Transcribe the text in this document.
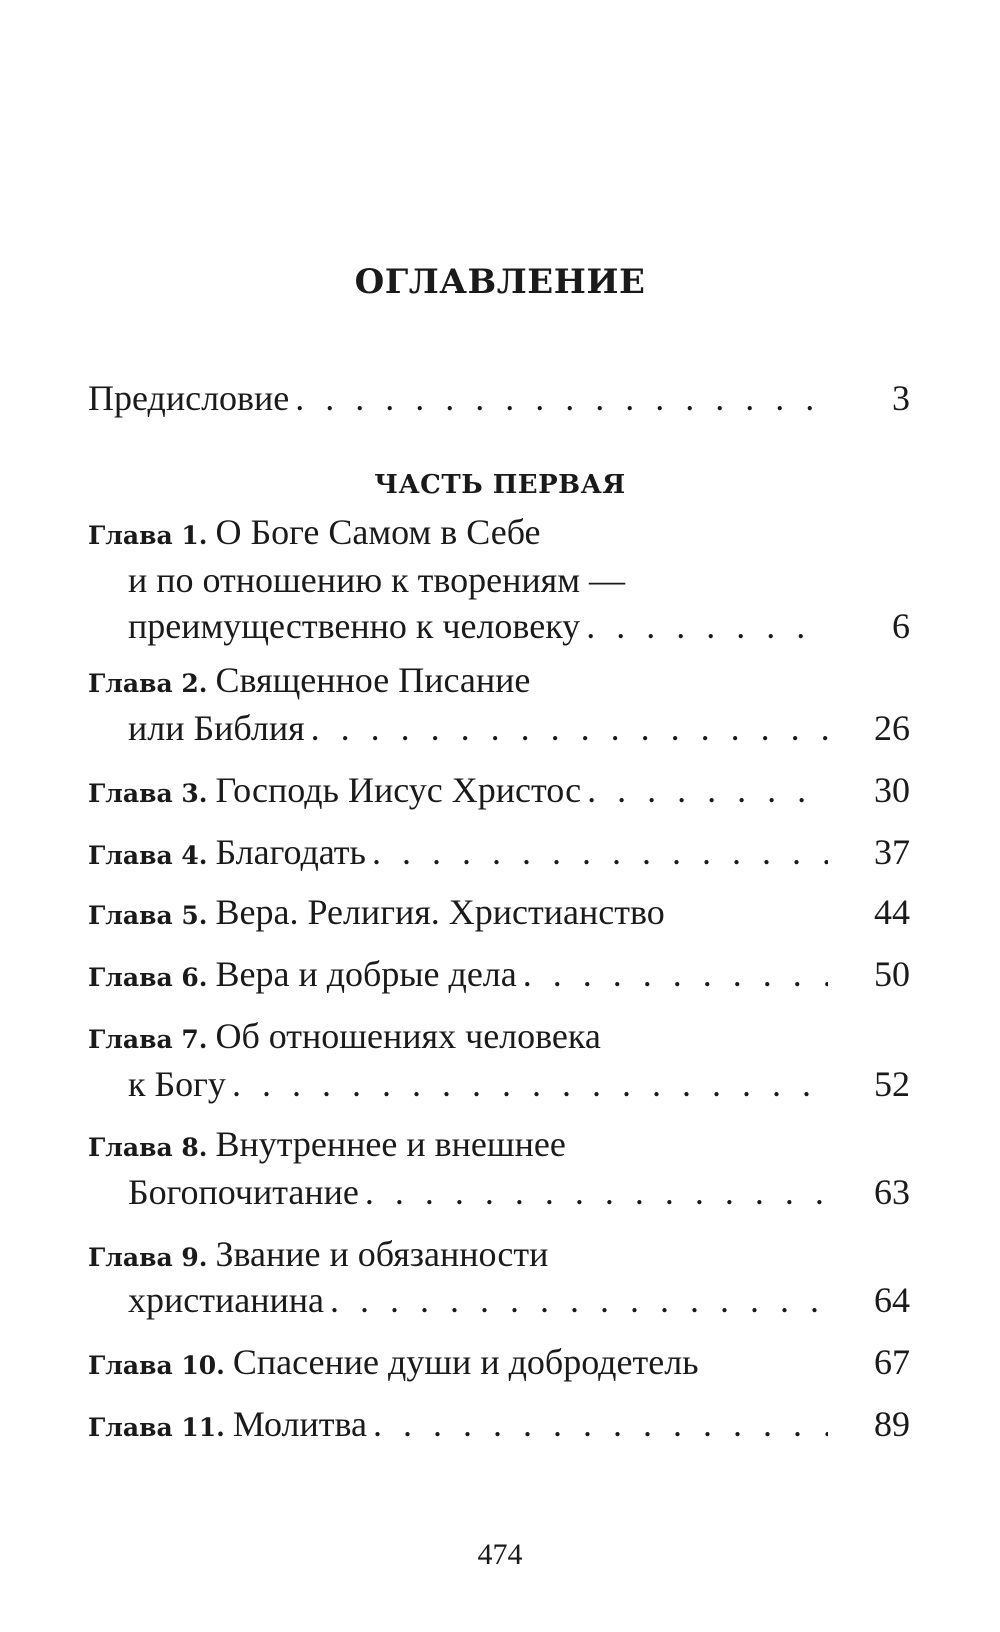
ОГЛАВЛЕНИЕ
Предисловие . . .	3
ЧАСТЬ ПЕРВАЯ
Глава 1. О Боге Самом в Себе
и по отношению к творениям —
преимущественно к человеку . . .	6
Глава 2. Священное Писание
или Библия . . .	26
Глава 3. Господь Иисус Христос . . .	30
Глава 4. Благодать . . .	37
Глава 5. Вера. Религия. Христианство	44
Глава 6. Вера и добрые дела . . .	50
Глава 7. Об отношениях человека
к Богу . . .	52
Глава 8. Внутреннее и внешнее
Богопочитание . . .	63
Глава 9. Звание и обязанности
христианина . . .	64
Глава 10. Спасение души и добродетель	67
Глава 11. Молитва . . .	89
474
